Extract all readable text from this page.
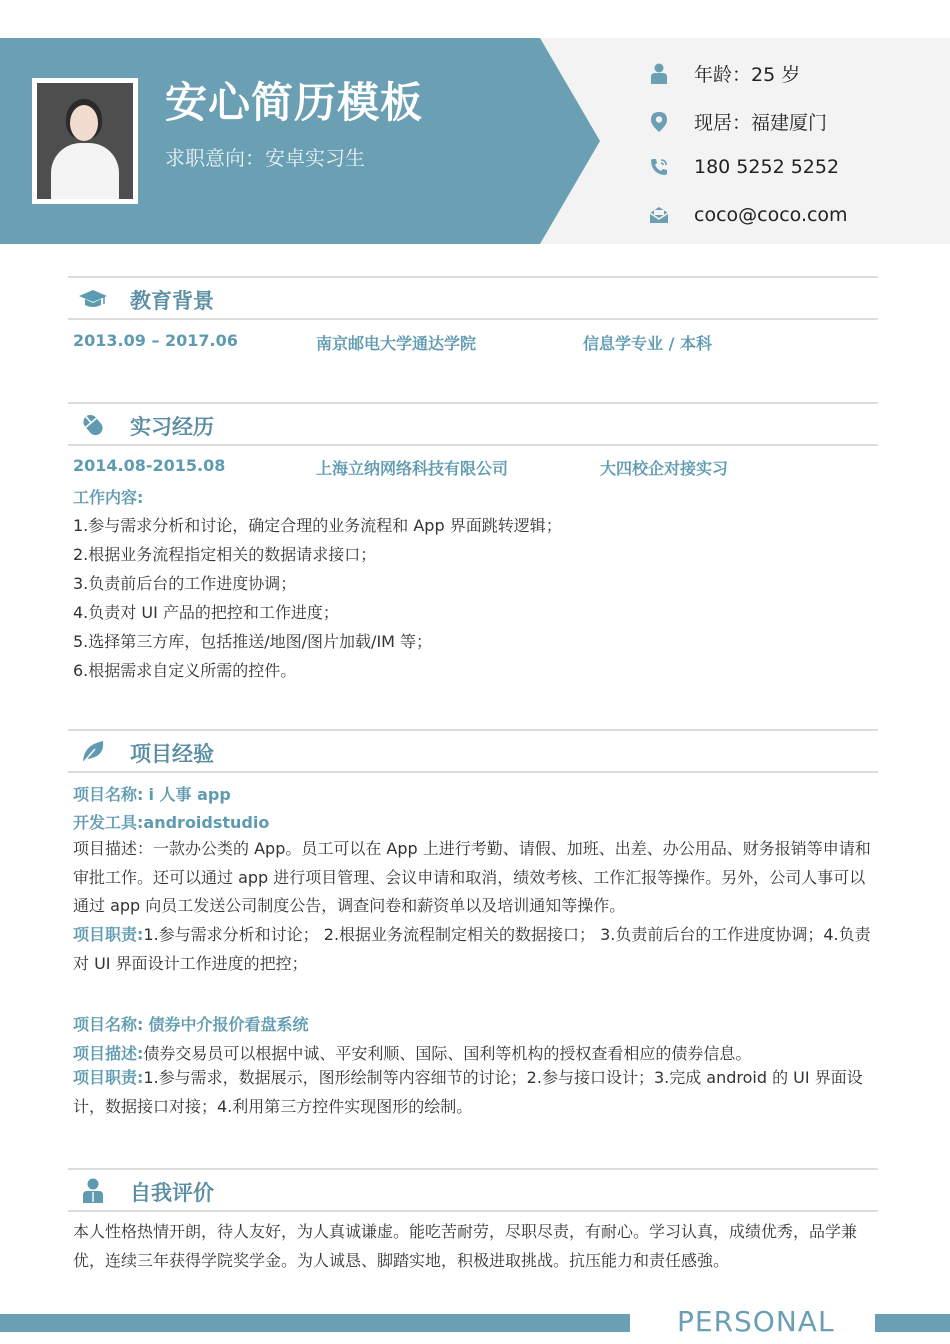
安心简历模板
求职意向：安卓实习生
年龄：25 岁
现居：福建厦门
180 5252 5252
coco@coco.com
教育背景
2013.09 – 2017.06	南京邮电大学通达学院	信息学专业 / 本科
实习经历
2014.08-2015.08	上海立纳网络科技有限公司	大四校企对接实习
工作内容:
1.参与需求分析和讨论，确定合理的业务流程和 App 界面跳转逻辑；
2.根据业务流程指定相关的数据请求接口；
3.负责前后台的工作进度协调；
4.负责对 UI 产品的把控和工作进度；
5.选择第三方库，包括推送/地图/图片加载/IM 等；
6.根据需求自定义所需的控件。
项目经验
项目名称: i 人事 app
开发工具:androidstudio
项目描述：一款办公类的 App。员工可以在 App 上进行考勤、请假、加班、出差、办公用品、财务报销等申请和审批工作。还可以通过 app 进行项目管理、会议申请和取消，绩效考核、工作汇报等操作。另外，公司人事可以通过 app 向员工发送公司制度公告，调查问卷和薪资单以及培训通知等操作。
项目职责:1.参与需求分析和讨论； 2.根据业务流程制定相关的数据接口； 3.负责前后台的工作进度协调；4.负责对 UI 界面设计工作进度的把控；
项目名称: 债券中介报价看盘系统
项目描述:债券交易员可以根据中诚、平安利顺、国际、国利等机构的授权查看相应的债券信息。
项目职责:1.参与需求，数据展示，图形绘制等内容细节的讨论；2.参与接口设计；3.完成 android 的 UI 界面设计，数据接口对接；4.利用第三方控件实现图形的绘制。
自我评价
本人性格热情开朗，待人友好，为人真诚谦虚。能吃苦耐劳，尽职尽责，有耐心。学习认真，成绩优秀，品学兼优，连续三年获得学院奖学金。为人诚恳、脚踏实地，积极进取挑战。抗压能力和责任感強。
PERSONAL
